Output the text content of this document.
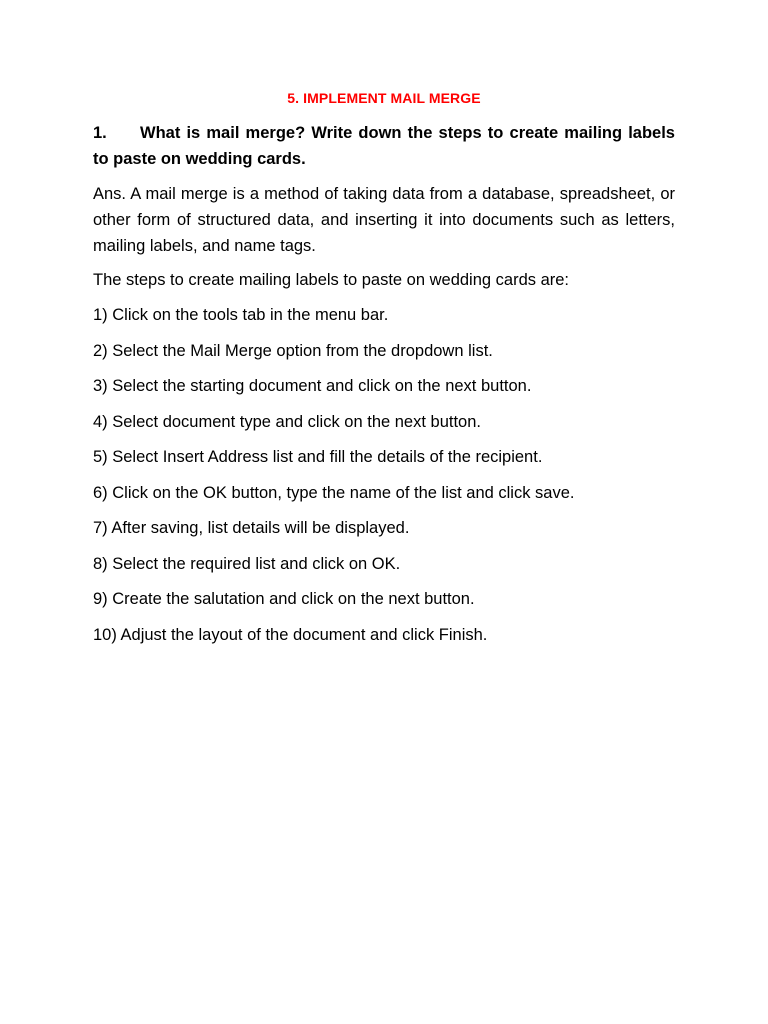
5. IMPLEMENT MAIL MERGE
1. What is mail merge? Write down the steps to create mailing labels to paste on wedding cards.
Ans. A mail merge is a method of taking data from a database, spreadsheet, or other form of structured data, and inserting it into documents such as letters, mailing labels, and name tags.
The steps to create mailing labels to paste on wedding cards are:
1) Click on the tools tab in the menu bar.
2) Select the Mail Merge option from the dropdown list.
3) Select the starting document and click on the next button.
4) Select document type and click on the next button.
5) Select Insert Address list and fill the details of the recipient.
6) Click on the OK button, type the name of the list and click save.
7) After saving, list details will be displayed.
8) Select the required list and click on OK.
9) Create the salutation and click on the next button.
10) Adjust the layout of the document and click Finish.
